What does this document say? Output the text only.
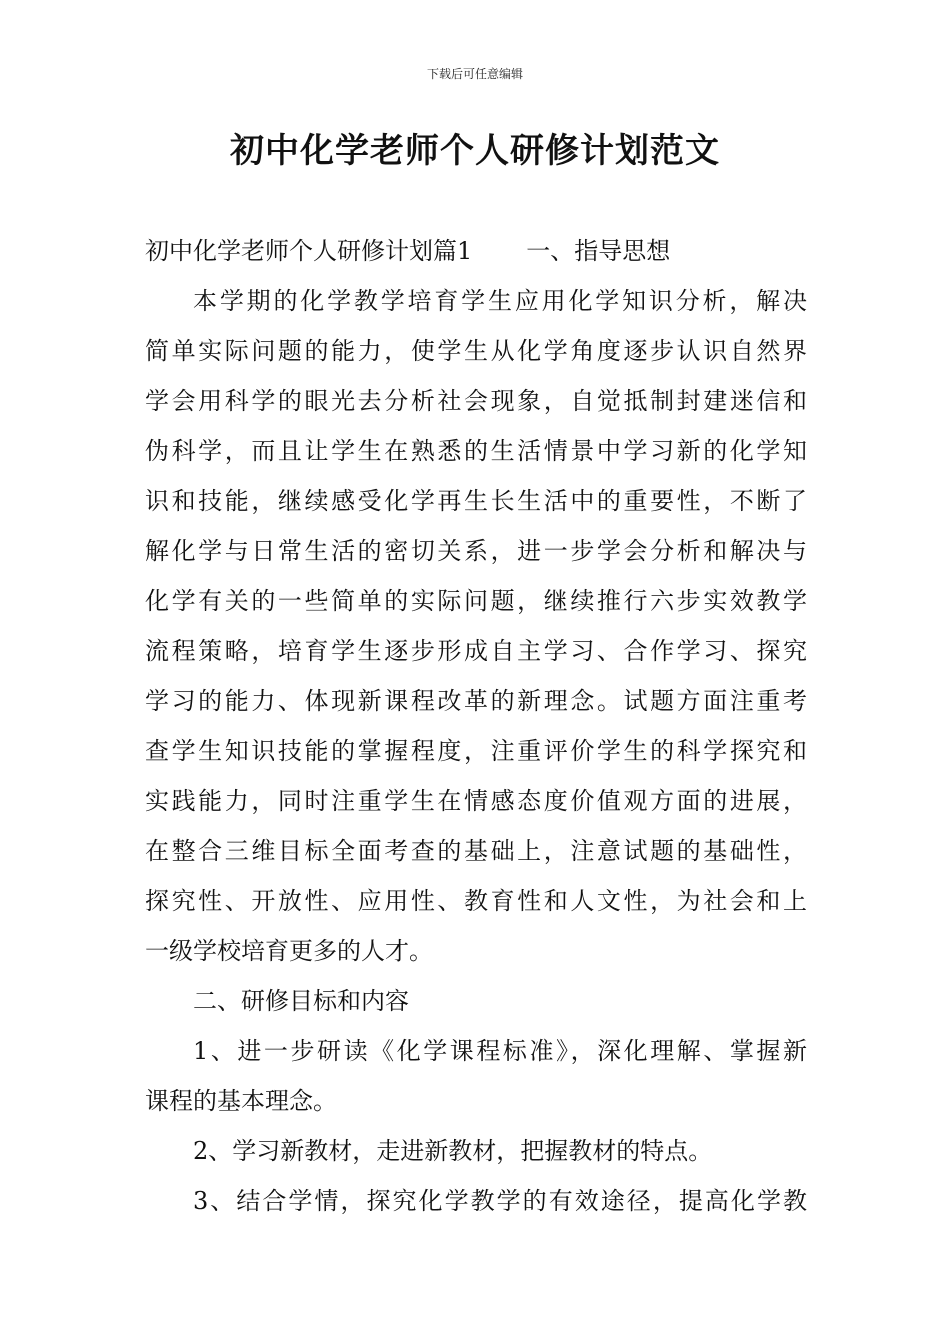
下载后可任意编辑
初中化学老师个人研修计划范文
初中化学老师个人研修计划篇1 一、指导思想
本学期的化学教学培育学生应用化学知识分析，解决
简单实际问题的能力，使学生从化学角度逐步认识自然界
学会用科学的眼光去分析社会现象，自觉抵制封建迷信和
伪科学，而且让学生在熟悉的生活情景中学习新的化学知
识和技能，继续感受化学再生长生活中的重要性，不断了
解化学与日常生活的密切关系，进一步学会分析和解决与
化学有关的一些简单的实际问题，继续推行六步实效教学
流程策略，培育学生逐步形成自主学习、合作学习、探究
学习的能力、体现新课程改革的新理念。试题方面注重考
查学生知识技能的掌握程度，注重评价学生的科学探究和
实践能力，同时注重学生在情感态度价值观方面的进展，
在整合三维目标全面考查的基础上，注意试题的基础性，
探究性、开放性、应用性、教育性和人文性，为社会和上
一级学校培育更多的人才。
二、研修目标和内容
1、进一步研读《化学课程标准》，深化理解、掌握新
课程的基本理念。
2、学习新教材，走进新教材，把握教材的特点。
3、结合学情，探究化学教学的有效途径，提高化学教
